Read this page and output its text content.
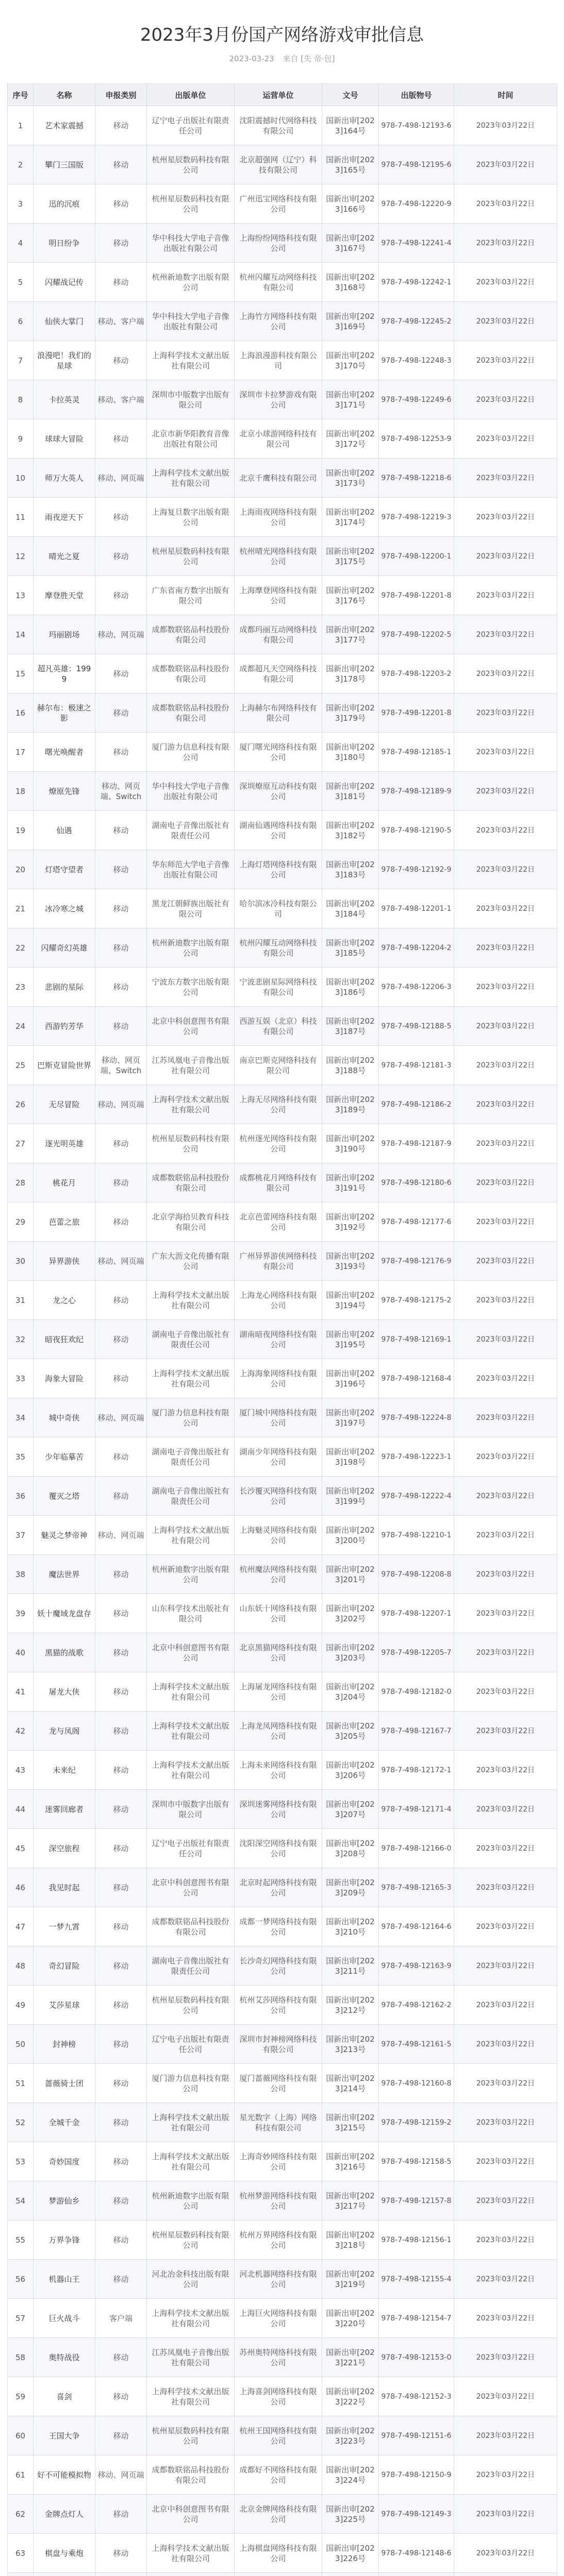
2023年3月份国产网络游戏审批信息
2023-03-23 来自 [失 帝·包]
序号	名称	申报类别	出版单位	运营单位	文号	出版物号	时间
1	艺术家震撼	移动	辽宁电子出版社有限责任公司	沈阳震撼时代网络科技有限公司	国新出审[2023]164号	978-7-498-12193-6	2023年03月22日
2	攀门三国版	移动	杭州星辰数码科技有限公司	北京超强网（辽宁）科技有限公司	国新出审[2023]165号	978-7-498-12195-6	2023年03月22日
3	迅的沉痕	移动	杭州星辰数码科技有限公司	广州迅宝网络科技有限公司	国新出审[2023]166号	978-7-498-12220-9	2023年03月22日
4	明日纷争	移动	华中科技大学电子音像出版社有限公司	上海纷纷网络科技有限公司	国新出审[2023]167号	978-7-498-12241-4	2023年03月22日
5	闪耀战记传	移动	杭州新迪数字出版有限公司	杭州闪耀互动网络科技有限公司	国新出审[2023]168号	978-7-498-12242-1	2023年03月22日
6	仙侠大掌门	移动、客户端	华中科技大学电子音像出版社有限公司	上海竹方网络科技有限公司	国新出审[2023]169号	978-7-498-12245-2	2023年03月22日
7	浪漫吧！我们的星球	移动	上海科学技术文献出版社有限公司	上海浪漫游科技有限公司	国新出审[2023]170号	978-7-498-12248-3	2023年03月22日
8	卡拉英灵	移动、客户端	深圳市中版数字出版有限公司	深圳市卡拉梦游戏有限公司	国新出审[2023]171号	978-7-498-12249-6	2023年03月22日
9	球球大冒险	移动	北京市新华阳教育音像出版社有限公司	北京小球游网络科技有限公司	国新出审[2023]172号	978-7-498-12253-9	2023年03月22日
10	师万大英人	移动、网页端	上海科学技术文献出版社有限公司	北京千鹰科技有限公司	国新出审[2023]173号	978-7-498-12218-6	2023年03月22日
11	雨夜逆天下	移动	上海复旦数字出版有限公司	上海雨夜网络科技有限公司	国新出审[2023]174号	978-7-498-12219-3	2023年03月22日
12	晴光之夏	移动	杭州星辰数码科技有限公司	杭州晴光网络科技有限公司	国新出审[2023]175号	978-7-498-12200-1	2023年03月22日
13	摩登胜天堂	移动	广东省南方数字出版有限公司	上海摩登网络科技有限公司	国新出审[2023]176号	978-7-498-12201-8	2023年03月22日
14	玛丽剧场	移动、网页端	成都数联铭品科技股份有限公司	成都玛丽互动网络科技有限公司	国新出审[2023]177号	978-7-498-12202-5	2023年03月22日
15	超凡英雄：1999	移动	成都数联铭品科技股份有限公司	成都超凡天空网络科技有限公司	国新出审[2023]178号	978-7-498-12203-2	2023年03月22日
16	赫尔布：极速之影	移动	成都数联铭品科技股份有限公司	上海赫尔布网络科技有限公司	国新出审[2023]179号	978-7-498-12201-8	2023年03月22日
17	曙光唤醒者	移动	厦门游力信息科技有限公司	厦门曙光网络科技有限公司	国新出审[2023]180号	978-7-498-12185-1	2023年03月22日
18	燎原先锋	移动、网页端、Switch	华中科技大学电子音像出版社有限公司	深圳燎原互动科技有限公司	国新出审[2023]181号	978-7-498-12189-9	2023年03月22日
19	仙遇	移动	湖南电子音像出版社有限责任公司	湖南仙遇网络科技有限公司	国新出审[2023]182号	978-7-498-12190-5	2023年03月22日
20	灯塔守望者	移动	华东师范大学电子音像出版社有限公司	上海灯塔网络科技有限公司	国新出审[2023]183号	978-7-498-12192-9	2023年03月22日
21	冰冷寒之城	移动	黑龙江朝鲜族出版社有限公司	哈尔滨冰冷科技有限公司	国新出审[2023]184号	978-7-498-12201-1	2023年03月22日
22	闪耀奇幻英雄	移动	杭州新迪数字出版有限公司	杭州闪耀互动网络科技有限公司	国新出审[2023]185号	978-7-498-12204-2	2023年03月22日
23	悲剧的星际	移动	宁波东方数字出版有限公司	宁波悲剧星际网络科技有限公司	国新出审[2023]186号	978-7-498-12206-3	2023年03月22日
24	西游钓芳华	移动	北京中科创意图书有限公司	西游互娱（北京）科技有限公司	国新出审[2023]187号	978-7-498-12188-5	2023年03月22日
25	巴斯克冒险世界	移动、网页端、Switch	江苏凤凰电子音像出版社有限公司	南京巴斯克网络科技有限公司	国新出审[2023]188号	978-7-498-12181-3	2023年03月22日
26	无尽冒险	移动、网页端	上海科学技术文献出版社有限公司	上海无尽网络科技有限公司	国新出审[2023]189号	978-7-498-12186-2	2023年03月22日
27	逐光明英雄	移动	杭州星辰数码科技有限公司	杭州逐光网络科技有限公司	国新出审[2023]190号	978-7-498-12187-9	2023年03月22日
28	桃花月	移动	成都数联铭品科技股份有限公司	成都桃花月网络科技有限公司	国新出审[2023]191号	978-7-498-12180-6	2023年03月22日
29	芭蕾之旅	移动	北京学海拾贝教育科技有限公司	北京芭蕾网络科技有限公司	国新出审[2023]192号	978-7-498-12177-6	2023年03月22日
30	异界游侠	移动、网页端	广东大沥文化传播有限公司	广州异界游侠网络科技有限公司	国新出审[2023]193号	978-7-498-12176-9	2023年03月22日
31	龙之心	移动	上海科学技术文献出版社有限公司	上海龙心网络科技有限公司	国新出审[2023]194号	978-7-498-12175-2	2023年03月22日
32	暗夜狂欢纪	移动	湖南电子音像出版社有限责任公司	湖南暗夜网络科技有限公司	国新出审[2023]195号	978-7-498-12169-1	2023年03月22日
33	海象大冒险	移动	上海科学技术文献出版社有限公司	上海海象网络科技有限公司	国新出审[2023]196号	978-7-498-12168-4	2023年03月22日
34	城中奇侠	移动、网页端	厦门游力信息科技有限公司	厦门城中网络科技有限公司	国新出审[2023]197号	978-7-498-12224-8	2023年03月22日
35	少年临摹苦	移动	湖南电子音像出版社有限责任公司	湖南少年网络科技有限公司	国新出审[2023]198号	978-7-498-12223-1	2023年03月22日
36	覆灭之塔	移动	湖南电子音像出版社有限责任公司	长沙覆灭网络科技有限公司	国新出审[2023]199号	978-7-498-12222-4	2023年03月22日
37	魅灵之梦帝神	移动、网页端	上海科学技术文献出版社有限公司	上海魅灵网络科技有限公司	国新出审[2023]200号	978-7-498-12210-1	2023年03月22日
38	魔法世界	移动	杭州新迪数字出版有限公司	杭州魔法网络科技有限公司	国新出审[2023]201号	978-7-498-12208-8	2023年03月22日
39	妖十魔域龙盘存	移动	山东科学技术出版社有限公司	山东妖十网络科技有限公司	国新出审[2023]202号	978-7-498-12207-1	2023年03月22日
40	黑猫的战歌	移动	北京中科创意图书有限公司	北京黑猫网络科技有限公司	国新出审[2023]203号	978-7-498-12205-7	2023年03月22日
41	屠龙大侠	移动	上海科学技术文献出版社有限公司	上海屠龙网络科技有限公司	国新出审[2023]204号	978-7-498-12182-0	2023年03月22日
42	龙与凤阁	移动	上海科学技术文献出版社有限公司	上海龙凤网络科技有限公司	国新出审[2023]205号	978-7-498-12167-7	2023年03月22日
43	未来纪	移动	上海科学技术文献出版社有限公司	上海未来网络科技有限公司	国新出审[2023]206号	978-7-498-12172-1	2023年03月22日
44	迷雾回廊者	移动	深圳市中版数字出版有限公司	深圳迷雾网络科技有限公司	国新出审[2023]207号	978-7-498-12171-4	2023年03月22日
45	深空旅程	移动	辽宁电子出版社有限责任公司	沈阳深空网络科技有限公司	国新出审[2023]208号	978-7-498-12166-0	2023年03月22日
46	我见时起	移动	北京中科创意图书有限公司	北京时起网络科技有限公司	国新出审[2023]209号	978-7-498-12165-3	2023年03月22日
47	一梦九霄	移动	成都数联铭品科技股份有限公司	成都一梦网络科技有限公司	国新出审[2023]210号	978-7-498-12164-6	2023年03月22日
48	奇幻冒险	移动	湖南电子音像出版社有限责任公司	长沙奇幻网络科技有限公司	国新出审[2023]211号	978-7-498-12163-9	2023年03月22日
49	艾莎星球	移动	杭州星辰数码科技有限公司	杭州艾莎网络科技有限公司	国新出审[2023]212号	978-7-498-12162-2	2023年03月22日
50	封神榜	移动	辽宁电子出版社有限责任公司	深圳市封神榜网络科技有限公司	国新出审[2023]213号	978-7-498-12161-5	2023年03月22日
51	蔷薇骑士团	移动	厦门游力信息科技有限公司	厦门蔷薇网络科技有限公司	国新出审[2023]214号	978-7-498-12160-8	2023年03月22日
52	全城千金	移动	上海科学技术文献出版社有限公司	星光数字（上海）网络科技有限公司	国新出审[2023]215号	978-7-498-12159-2	2023年03月22日
53	奇妙国度	移动	上海科学技术文献出版社有限公司	上海奇妙网络科技有限公司	国新出审[2023]216号	978-7-498-12158-5	2023年03月22日
54	梦游仙乡	移动	杭州新迪数字出版有限公司	杭州梦游网络科技有限公司	国新出审[2023]217号	978-7-498-12157-8	2023年03月22日
55	万界争锋	移动	杭州星辰数码科技有限公司	杭州万界网络科技有限公司	国新出审[2023]218号	978-7-498-12156-1	2023年03月22日
56	机器山王	移动	河北冶金科技出版有限公司	河北机器网络科技有限公司	国新出审[2023]219号	978-7-498-12155-4	2023年03月22日
57	巨火战斗	客户端	上海科学技术文献出版社有限公司	上海巨火网络科技有限公司	国新出审[2023]220号	978-7-498-12154-7	2023年03月22日
58	奥特战役	移动	江苏凤凰电子音像出版社有限公司	苏州奥特网络科技有限公司	国新出审[2023]221号	978-7-498-12153-0	2023年03月22日
59	喜剑	移动	上海科学技术文献出版社有限公司	上海喜剑网络科技有限公司	国新出审[2023]222号	978-7-498-12152-3	2023年03月22日
60	王国大争	移动	杭州星辰数码科技有限公司	杭州王国网络科技有限公司	国新出审[2023]223号	978-7-498-12151-6	2023年03月22日
61	好不可能模拟物	移动、网页端	成都数联铭品科技股份有限公司	成都好不网络科技有限公司	国新出审[2023]224号	978-7-498-12150-9	2023年03月22日
62	金牌点灯人	移动	北京中科创意图书有限公司	北京金牌网络科技有限公司	国新出审[2023]225号	978-7-498-12149-3	2023年03月22日
63	棋盘与乘炮	移动	上海科学技术文献出版社有限公司	上海棋盘网络科技有限公司	国新出审[2023]226号	978-7-498-12148-6	2023年03月22日
